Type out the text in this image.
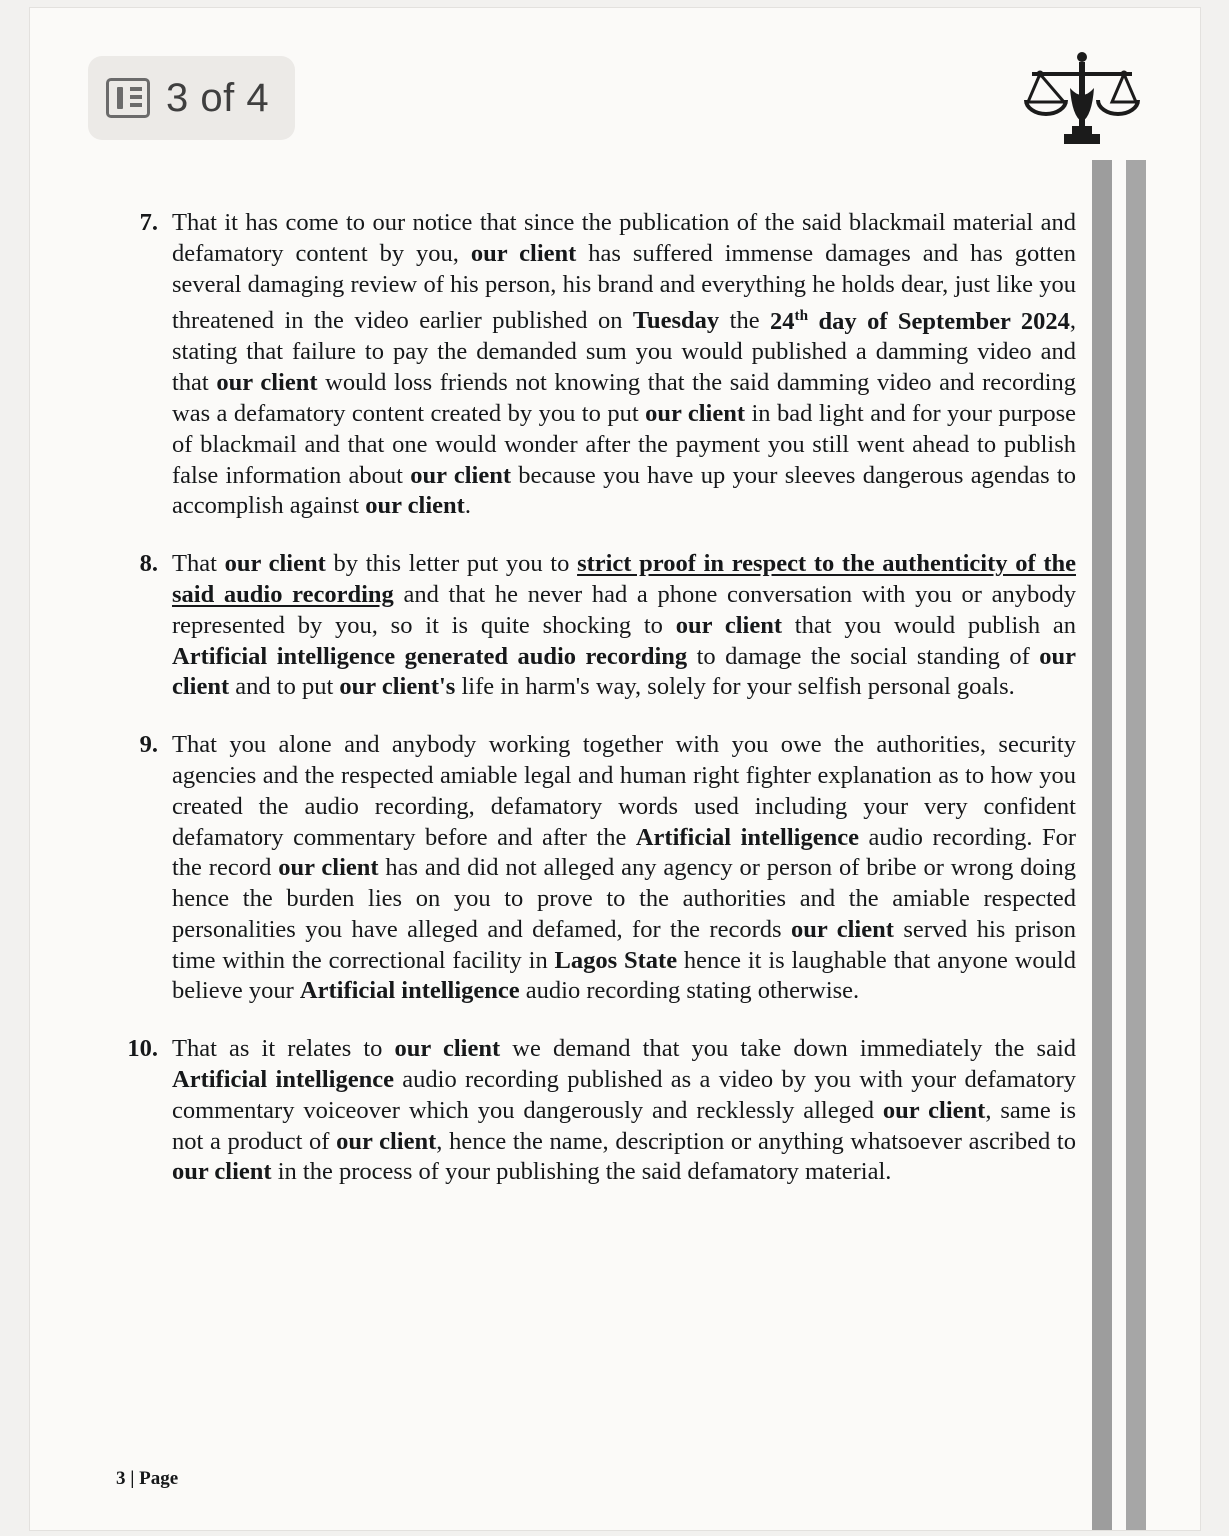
3 of 4
7. That it has come to our notice that since the publication of the said blackmail material and defamatory content by you, our client has suffered immense damages and has gotten several damaging review of his person, his brand and everything he holds dear, just like you threatened in the video earlier published on Tuesday the 24th day of September 2024, stating that failure to pay the demanded sum you would published a damming video and that our client would loss friends not knowing that the said damming video and recording was a defamatory content created by you to put our client in bad light and for your purpose of blackmail and that one would wonder after the payment you still went ahead to publish false information about our client because you have up your sleeves dangerous agendas to accomplish against our client.
8. That our client by this letter put you to strict proof in respect to the authenticity of the said audio recording and that he never had a phone conversation with you or anybody represented by you, so it is quite shocking to our client that you would publish an Artificial intelligence generated audio recording to damage the social standing of our client and to put our client's life in harm's way, solely for your selfish personal goals.
9. That you alone and anybody working together with you owe the authorities, security agencies and the respected amiable legal and human right fighter explanation as to how you created the audio recording, defamatory words used including your very confident defamatory commentary before and after the Artificial intelligence audio recording. For the record our client has and did not alleged any agency or person of bribe or wrong doing hence the burden lies on you to prove to the authorities and the amiable respected personalities you have alleged and defamed, for the records our client served his prison time within the correctional facility in Lagos State hence it is laughable that anyone would believe your Artificial intelligence audio recording stating otherwise.
10. That as it relates to our client we demand that you take down immediately the said Artificial intelligence audio recording published as a video by you with your defamatory commentary voiceover which you dangerously and recklessly alleged our client, same is not a product of our client, hence the name, description or anything whatsoever ascribed to our client in the process of your publishing the said defamatory material.
3 | Page
